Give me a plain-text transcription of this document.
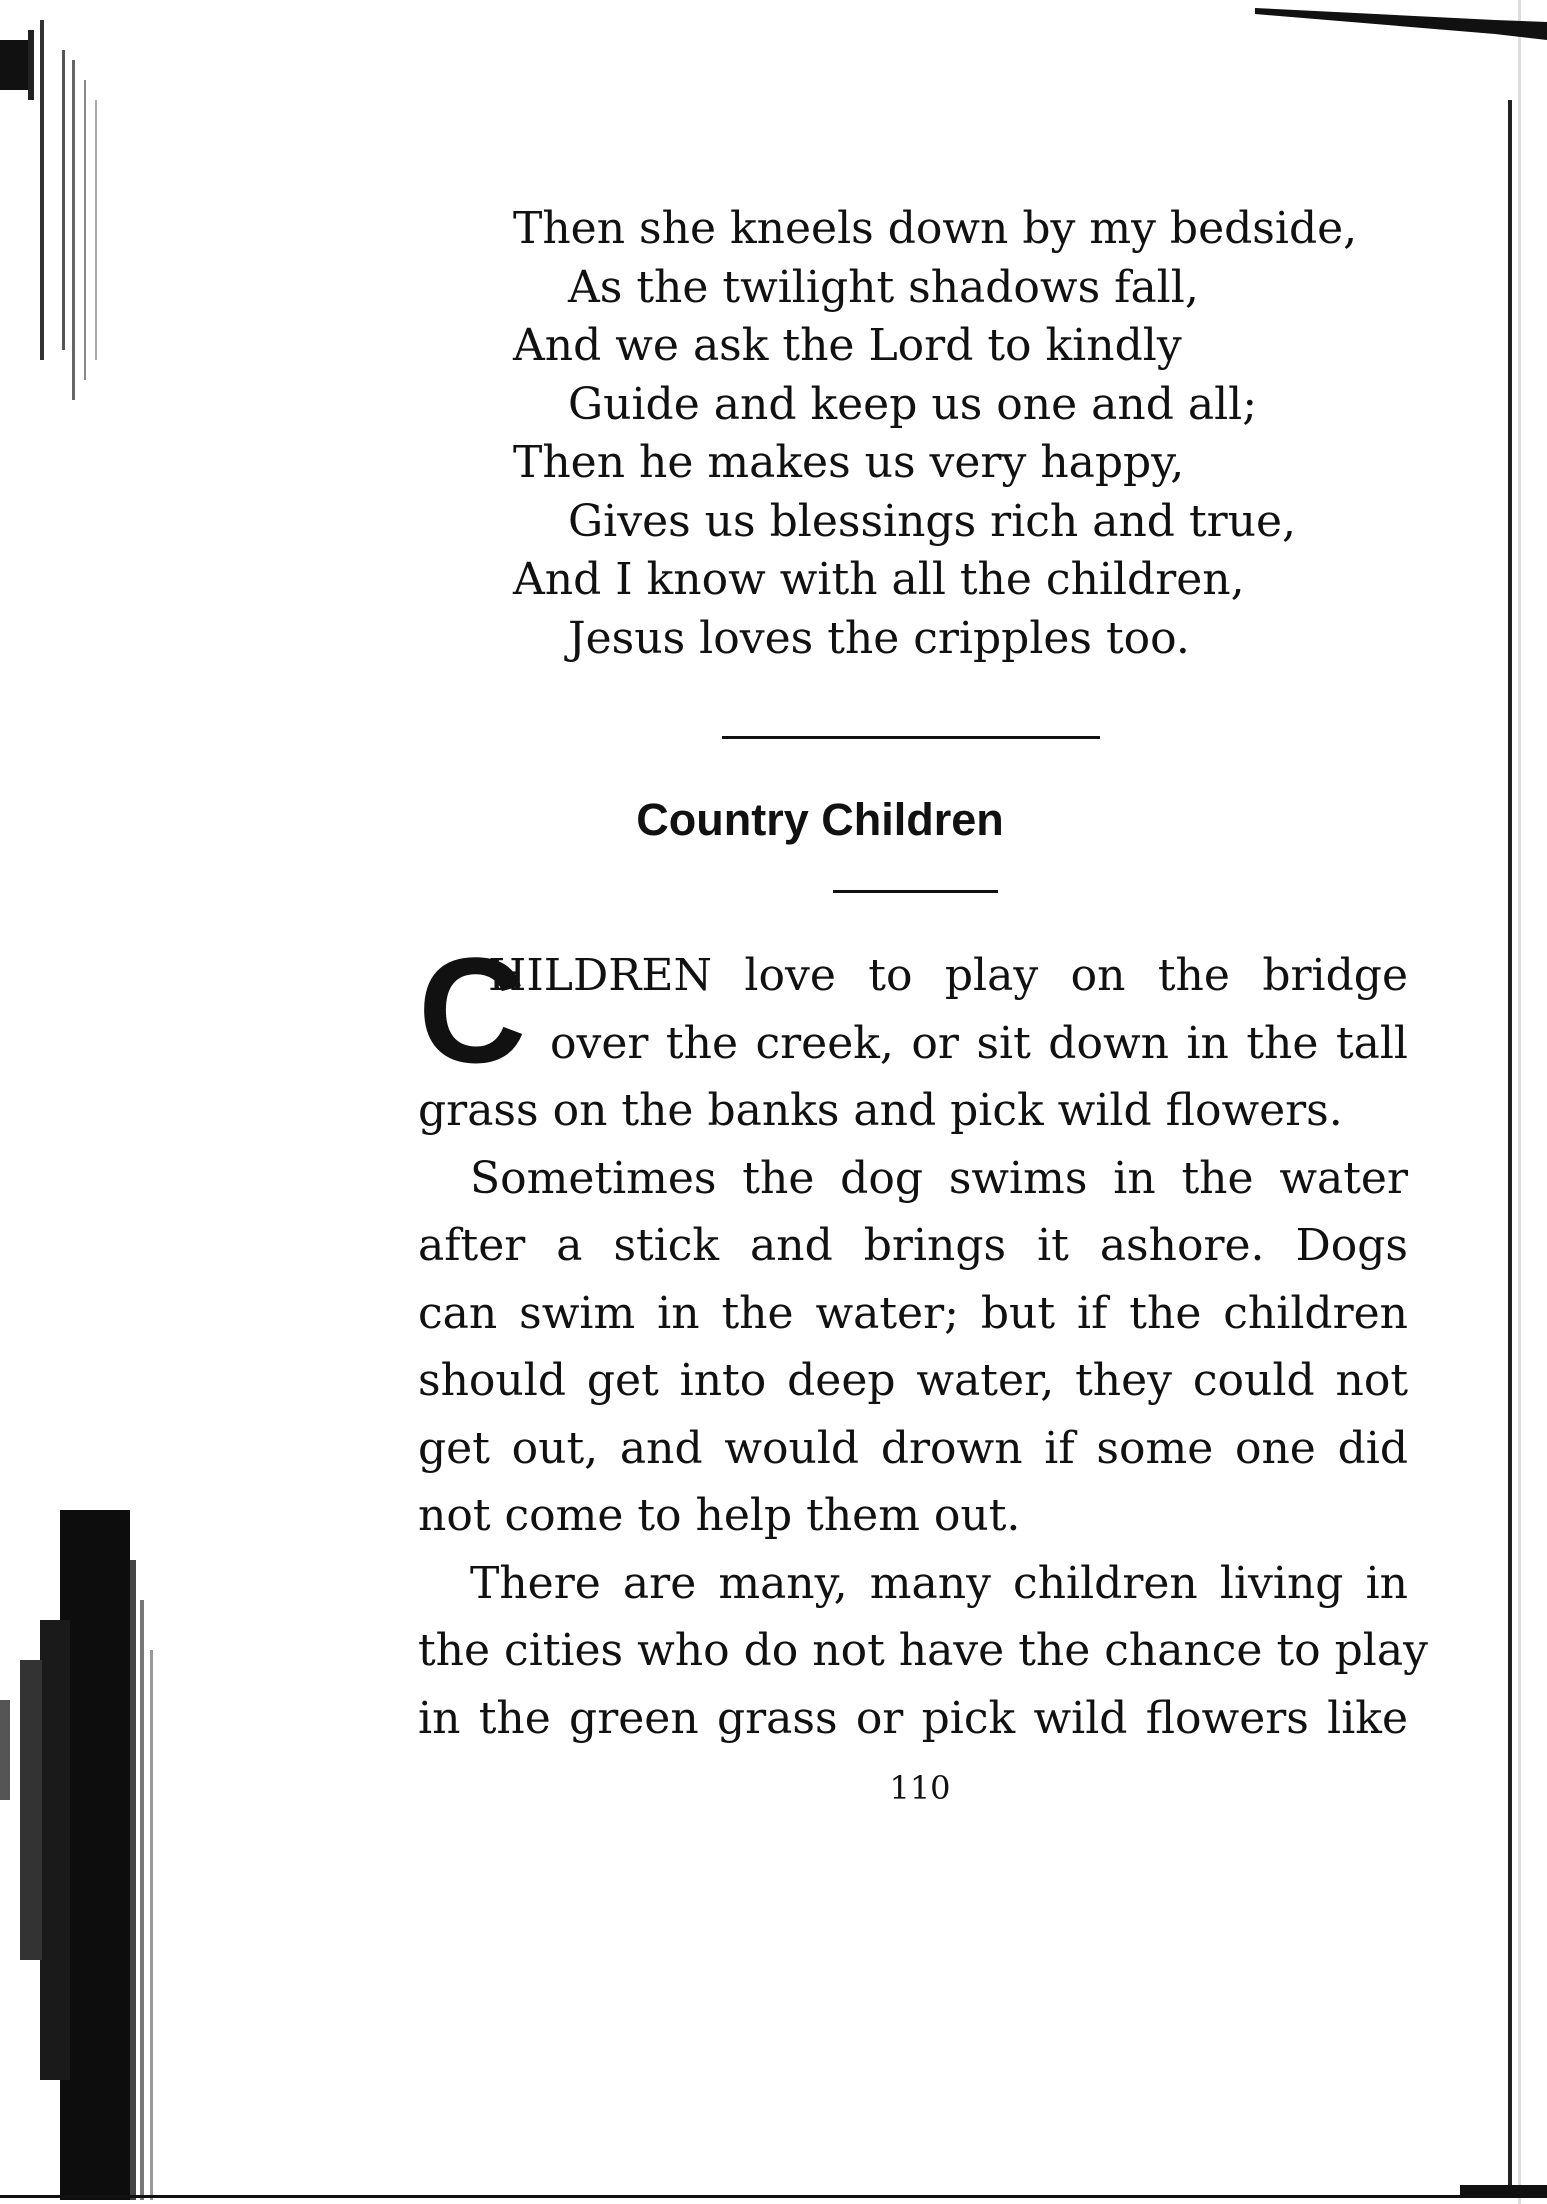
Then she kneels down by my bedside,
As the twilight shadows fall,
And we ask the Lord to kindly
Guide and keep us one and all;
Then he makes us very happy,
Gives us blessings rich and true,
And I know with all the children,
Jesus loves the cripples too.
Country Children
C
HILDREN love to play on the bridge
over the creek, or sit down in the tall
grass on the banks and pick wild flowers.
Sometimes the dog swims in the water
after a stick and brings it ashore. Dogs
can swim in the water; but if the children
should get into deep water, they could not
get out, and would drown if some one did
not come to help them out.
There are many, many children living in
the cities who do not have the chance to play
in the green grass or pick wild flowers like
110
